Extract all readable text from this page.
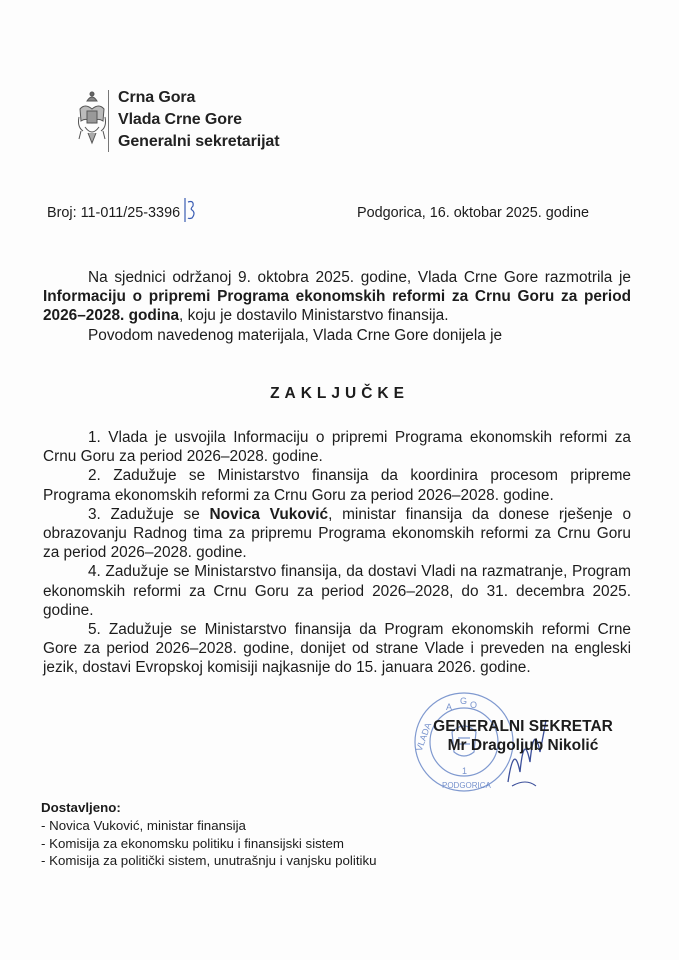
Crna Gora
Vlada Crne Gore
Generalni sekretarijat
Broj: 11-011/25-3396	Podgorica, 16. oktobar 2025. godine

Na sjednici održanoj 9. oktobra 2025. godine, Vlada Crne Gore razmotrila je Informaciju o pripremi Programa ekonomskih reformi za Crnu Goru za period 2026–2028. godina, koju je dostavilo Ministarstvo finansija.

Povodom navedenog materijala, Vlada Crne Gore donijela je

ZAKLJUČKE

1. Vlada je usvojila Informaciju o pripremi Programa ekonomskih reformi za Crnu Goru za period 2026–2028. godine.

2. Zadužuje se Ministarstvo finansija da koordinira procesom pripreme Programa ekonomskih reformi za Crnu Goru za period 2026–2028. godine.

3. Zadužuje se Novica Vuković, ministar finansija da donese rješenje o obrazovanju Radnog tima za pripremu Programa ekonomskih reformi za Crnu Goru za period 2026–2028. godine.

4. Zadužuje se Ministarstvo finansija, da dostavi Vladi na razmatranje, Program ekonomskih reformi za Crnu Goru za period 2026–2028, do 31. decembra 2025. godine.

5. Zadužuje se Ministarstvo finansija da Program ekonomskih reformi Crne Gore za period 2026–2028. godine, donijet od strane Vlade i preveden na engleski jezik, dostavi Evropskoj komisiji najkasnije do 15. januara 2026. godine.

G
A O
VLADA
1
PODGORICA
GENERALNI SEKRETAR
Mr Dragoljub Nikolić
Dostavljeno:
- Novica Vuković, ministar finansija
- Komisija za ekonomsku politiku i finansijski sistem
- Komisija za politički sistem, unutrašnju i vanjsku politiku
